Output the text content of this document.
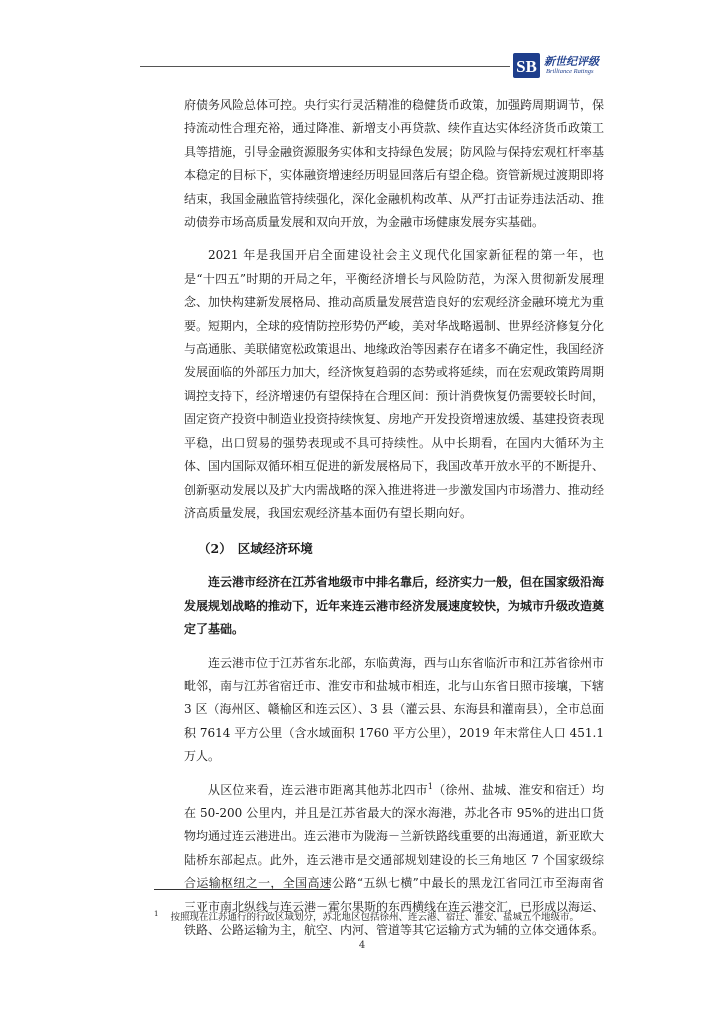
SB 新世纪评级
Brilliance Ratings

府债务风险总体可控。央行实行灵活精准的稳健货币政策，加强跨周期调节，保持流动性合理充裕，通过降准、新增支小再贷款、续作直达实体经济货币政策工具等措施，引导金融资源服务实体和支持绿色发展；防风险与保持宏观杠杆率基本稳定的目标下，实体融资增速经历明显回落后有望企稳。资管新规过渡期即将结束，我国金融监管持续强化，深化金融机构改革、从严打击证券违法活动、推动债券市场高质量发展和双向开放，为金融市场健康发展夯实基础。

2021 年是我国开启全面建设社会主义现代化国家新征程的第一年，也是“十四五”时期的开局之年，平衡经济增长与风险防范，为深入贯彻新发展理念、加快构建新发展格局、推动高质量发展营造良好的宏观经济金融环境尤为重要。短期内，全球的疫情防控形势仍严峻，美对华战略遏制、世界经济修复分化与高通胀、美联储宽松政策退出、地缘政治等因素存在诸多不确定性，我国经济发展面临的外部压力加大，经济恢复趋弱的态势或将延续，而在宏观政策跨周期调控支持下，经济增速仍有望保持在合理区间：预计消费恢复仍需要较长时间，固定资产投资中制造业投资持续恢复、房地产开发投资增速放缓、基建投资表现平稳，出口贸易的强势表现或不具可持续性。从中长期看，在国内大循环为主体、国内国际双循环相互促进的新发展格局下，我国改革开放水平的不断提升、创新驱动发展以及扩大内需战略的深入推进将进一步激发国内市场潜力、推动经济高质量发展，我国宏观经济基本面仍有望长期向好。

（2） 区域经济环境

连云港市经济在江苏省地级市中排名靠后，经济实力一般，但在国家级沿海发展规划战略的推动下，近年来连云港市经济发展速度较快，为城市升级改造奠定了基础。

连云港市位于江苏省东北部，东临黄海，西与山东省临沂市和江苏省徐州市毗邻，南与江苏省宿迁市、淮安市和盐城市相连，北与山东省日照市接壤，下辖 3 区（海州区、赣榆区和连云区）、3 县（灌云县、东海县和灌南县），全市总面积 7614 平方公里（含水域面积 1760 平方公里），2019 年末常住人口 451.1 万人。

从区位来看，连云港市距离其他苏北四市$^1$（徐州、盐城、淮安和宿迁）均在 50-200 公里内，并且是江苏省最大的深水海港，苏北各市 95%的进出口货物均通过连云港进出。连云港市为陇海－兰新铁路线重要的出海通道，新亚欧大陆桥东部起点。此外，连云港市是交通部规划建设的长三角地区 7 个国家级综合运输枢纽之一，全国高速公路“五纵七横”中最长的黑龙江省同江市至海南省三亚市南北纵线与连云港－霍尔果斯的东西横线在连云港交汇，已形成以海运、铁路、公路运输为主，航空、内河、管道等其它运输方式为辅的立体交通体系。

$^1$ 按照现在江苏通行的行政区域划分，苏北地区包括徐州、连云港、宿迁、淮安、盐城五个地级市。
4
